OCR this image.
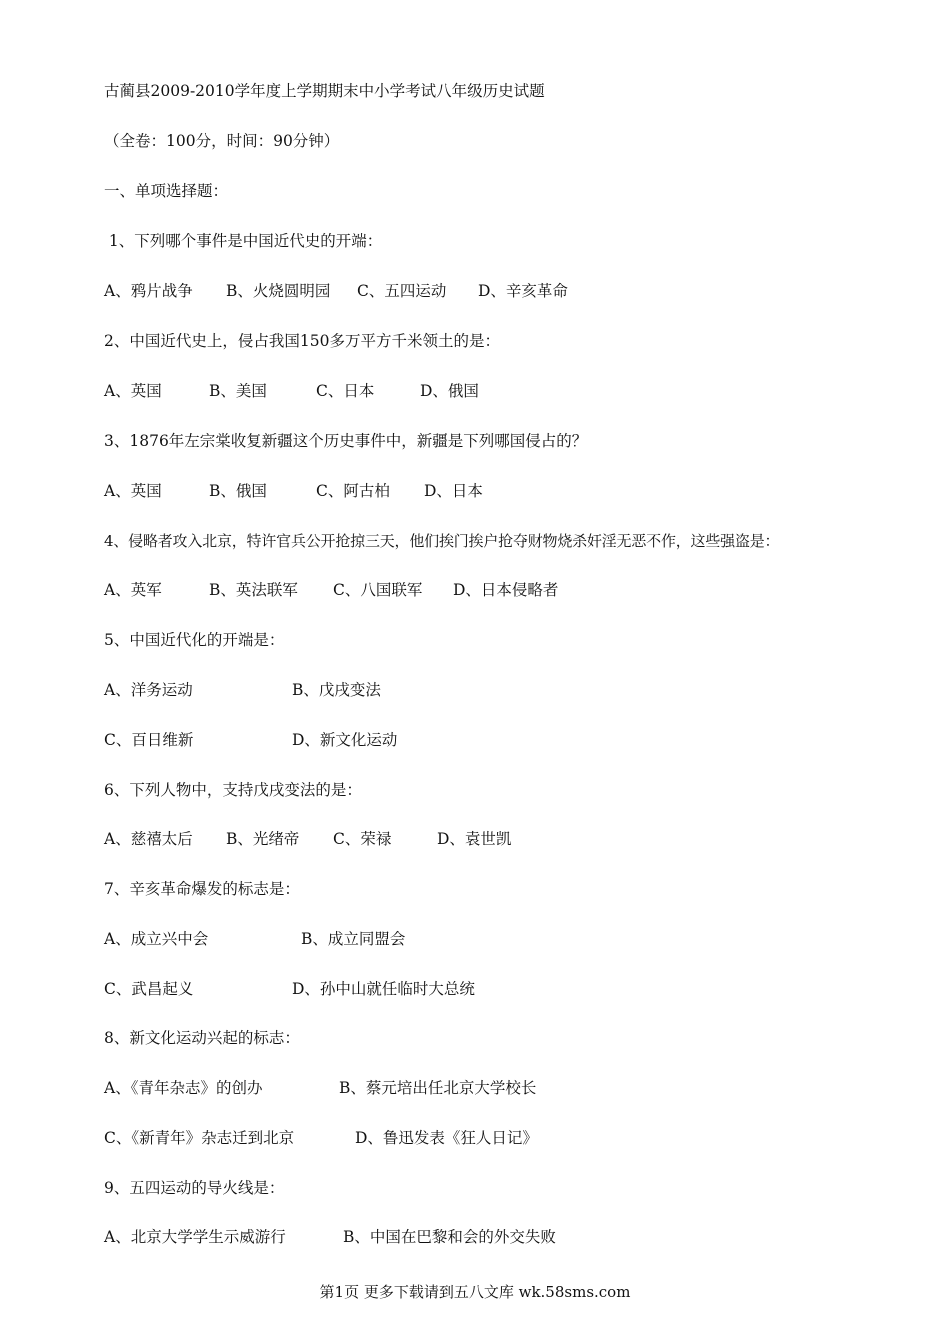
古蔺县2009-2010学年度上学期期末中小学考试八年级历史试题
（全卷：100分，时间：90分钟）
一、单项选择题：
1、下列哪个事件是中国近代史的开端：
A、鸦片战争 B、火烧圆明园 C、五四运动 D、辛亥革命
2、中国近代史上，侵占我国150多万平方千米领土的是：
A、英国	B、美国	C、日本	D、俄国
3、1876年左宗棠收复新疆这个历史事件中，新疆是下列哪国侵占的？
A、英国	B、俄国	C、阿古柏 D、日本
4、侵略者攻入北京，特许官兵公开抢掠三天，他们挨门挨户抢夺财物烧杀奸淫无恶不作，这些强盗是：
A、英军	B、英法联军 C、八国联军 D、日本侵略者
5、中国近代化的开端是：
A、洋务运动	B、戊戌变法
C、百日维新	D、新文化运动
6、下列人物中，支持戊戌变法的是：
A、慈禧太后 B、光绪帝 C、荣禄	D、袁世凯
7、辛亥革命爆发的标志是：
A、成立兴中会	B、成立同盟会
C、武昌起义	D、孙中山就任临时大总统
8、新文化运动兴起的标志：
A、《青年杂志》的创办	B、蔡元培出任北京大学校长
C、《新青年》杂志迁到北京	D、鲁迅发表《狂人日记》
9、五四运动的导火线是：
A、北京大学学生示威游行	B、中国在巴黎和会的外交失败
第1页 更多下载请到五八文库 wk.58sms.com
